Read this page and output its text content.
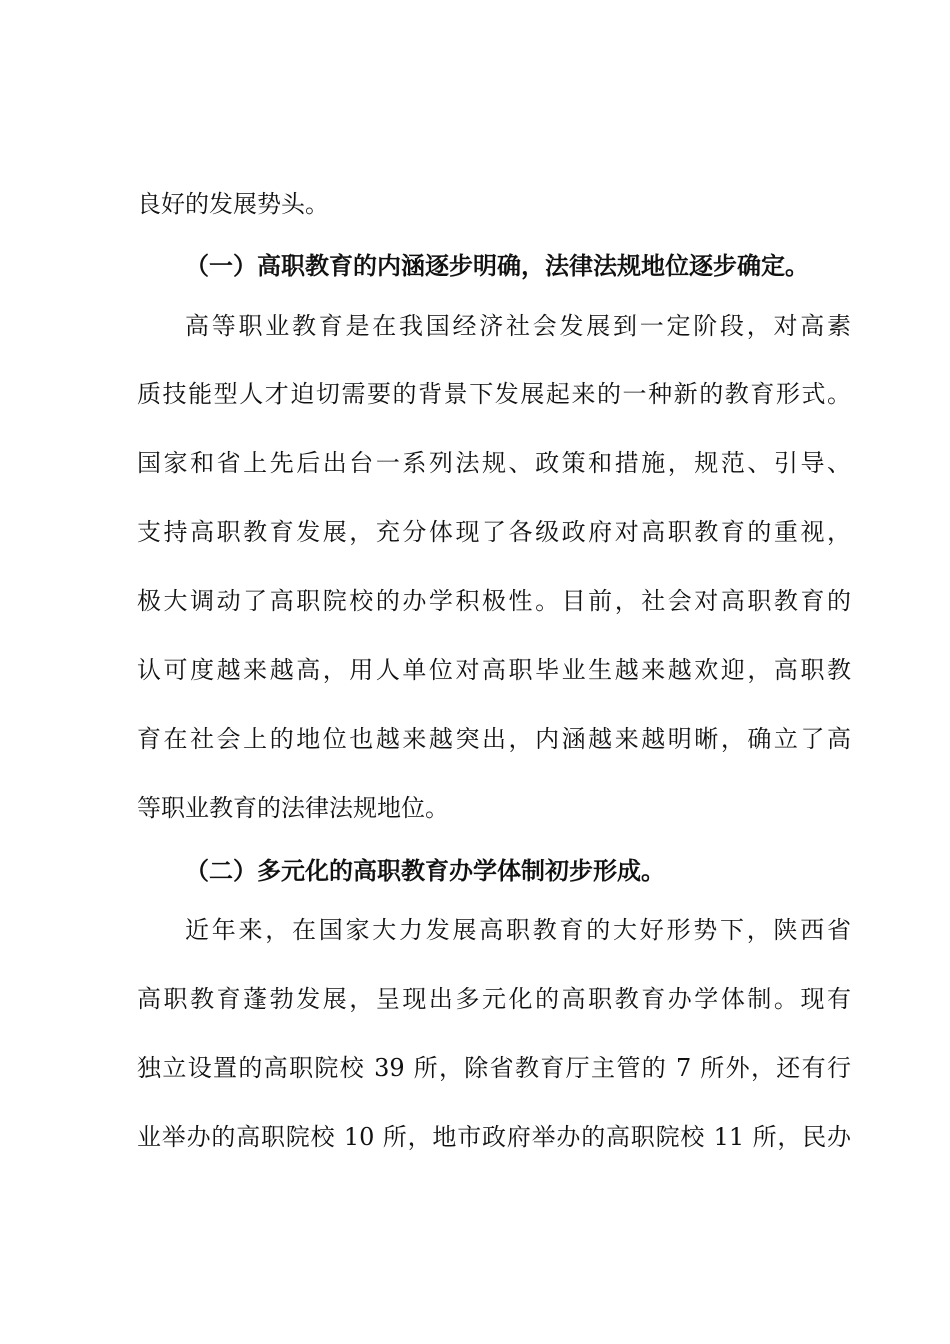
良好的发展势头。
（一）高职教育的内涵逐步明确，法律法规地位逐步确定。
高等职业教育是在我国经济社会发展到一定阶段，对高素
质技能型人才迫切需要的背景下发展起来的一种新的教育形式。
国家和省上先后出台一系列法规、政策和措施，规范、引导、
支持高职教育发展，充分体现了各级政府对高职教育的重视，
极大调动了高职院校的办学积极性。目前，社会对高职教育的
认可度越来越高，用人单位对高职毕业生越来越欢迎，高职教
育在社会上的地位也越来越突出，内涵越来越明晰，确立了高
等职业教育的法律法规地位。
（二）多元化的高职教育办学体制初步形成。
近年来，在国家大力发展高职教育的大好形势下，陕西省
高职教育蓬勃发展，呈现出多元化的高职教育办学体制。现有
独立设置的高职院校 39 所，除省教育厅主管的 7 所外，还有行
业举办的高职院校 10 所，地市政府举办的高职院校 11 所，民办
